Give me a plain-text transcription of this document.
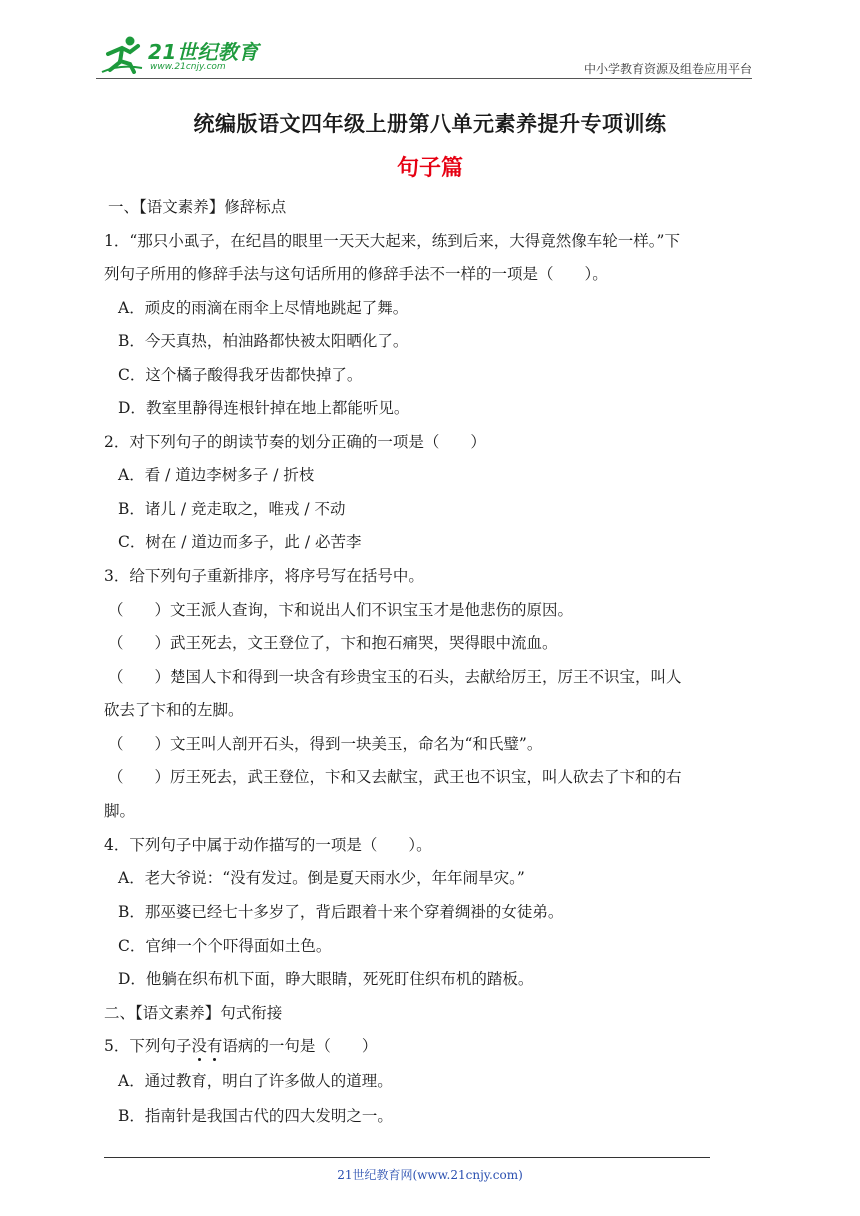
21世纪教育
www.21cnjy.com	中小学教育资源及组卷应用平台
统编版语文四年级上册第八单元素养提升专项训练
句子篇
一、【语文素养】修辞标点
1．“那只小虱子，在纪昌的眼里一天天大起来，练到后来，大得竟然像车轮一样。”下
列句子所用的修辞手法与这句话所用的修辞手法不一样的一项是（　　）。
A．顽皮的雨滴在雨伞上尽情地跳起了舞。
B．今天真热，柏油路都快被太阳晒化了。
C．这个橘子酸得我牙齿都快掉了。
D．教室里静得连根针掉在地上都能听见。
2．对下列句子的朗读节奏的划分正确的一项是（　　）
A．看 / 道边李树多子 / 折枝
B．诸儿 / 竞走取之，唯戎 / 不动
C．树在 / 道边而多子，此 / 必苦李
3．给下列句子重新排序，将序号写在括号中。
（　　）文王派人查询，卞和说出人们不识宝玉才是他悲伤的原因。
（　　）武王死去，文王登位了，卞和抱石痛哭，哭得眼中流血。
（　　）楚国人卞和得到一块含有珍贵宝玉的石头，去献给厉王，厉王不识宝，叫人
砍去了卞和的左脚。
（　　）文王叫人剖开石头，得到一块美玉，命名为“和氏璧”。
（　　）厉王死去，武王登位，卞和又去献宝，武王也不识宝，叫人砍去了卞和的右
脚。
4．下列句子中属于动作描写的一项是（　　）。
A．老大爷说：“没有发过。倒是夏天雨水少，年年闹旱灾。”
B．那巫婆已经七十多岁了，背后跟着十来个穿着绸褂的女徒弟。
C．官绅一个个吓得面如土色。
D．他躺在织布机下面，睁大眼睛，死死盯住织布机的踏板。
二、【语文素养】句式衔接
5．下列句子没有语病的一句是（　　）
A．通过教育，明白了许多做人的道理。
B．指南针是我国古代的四大发明之一。
21世纪教育网(www.21cnjy.com)
